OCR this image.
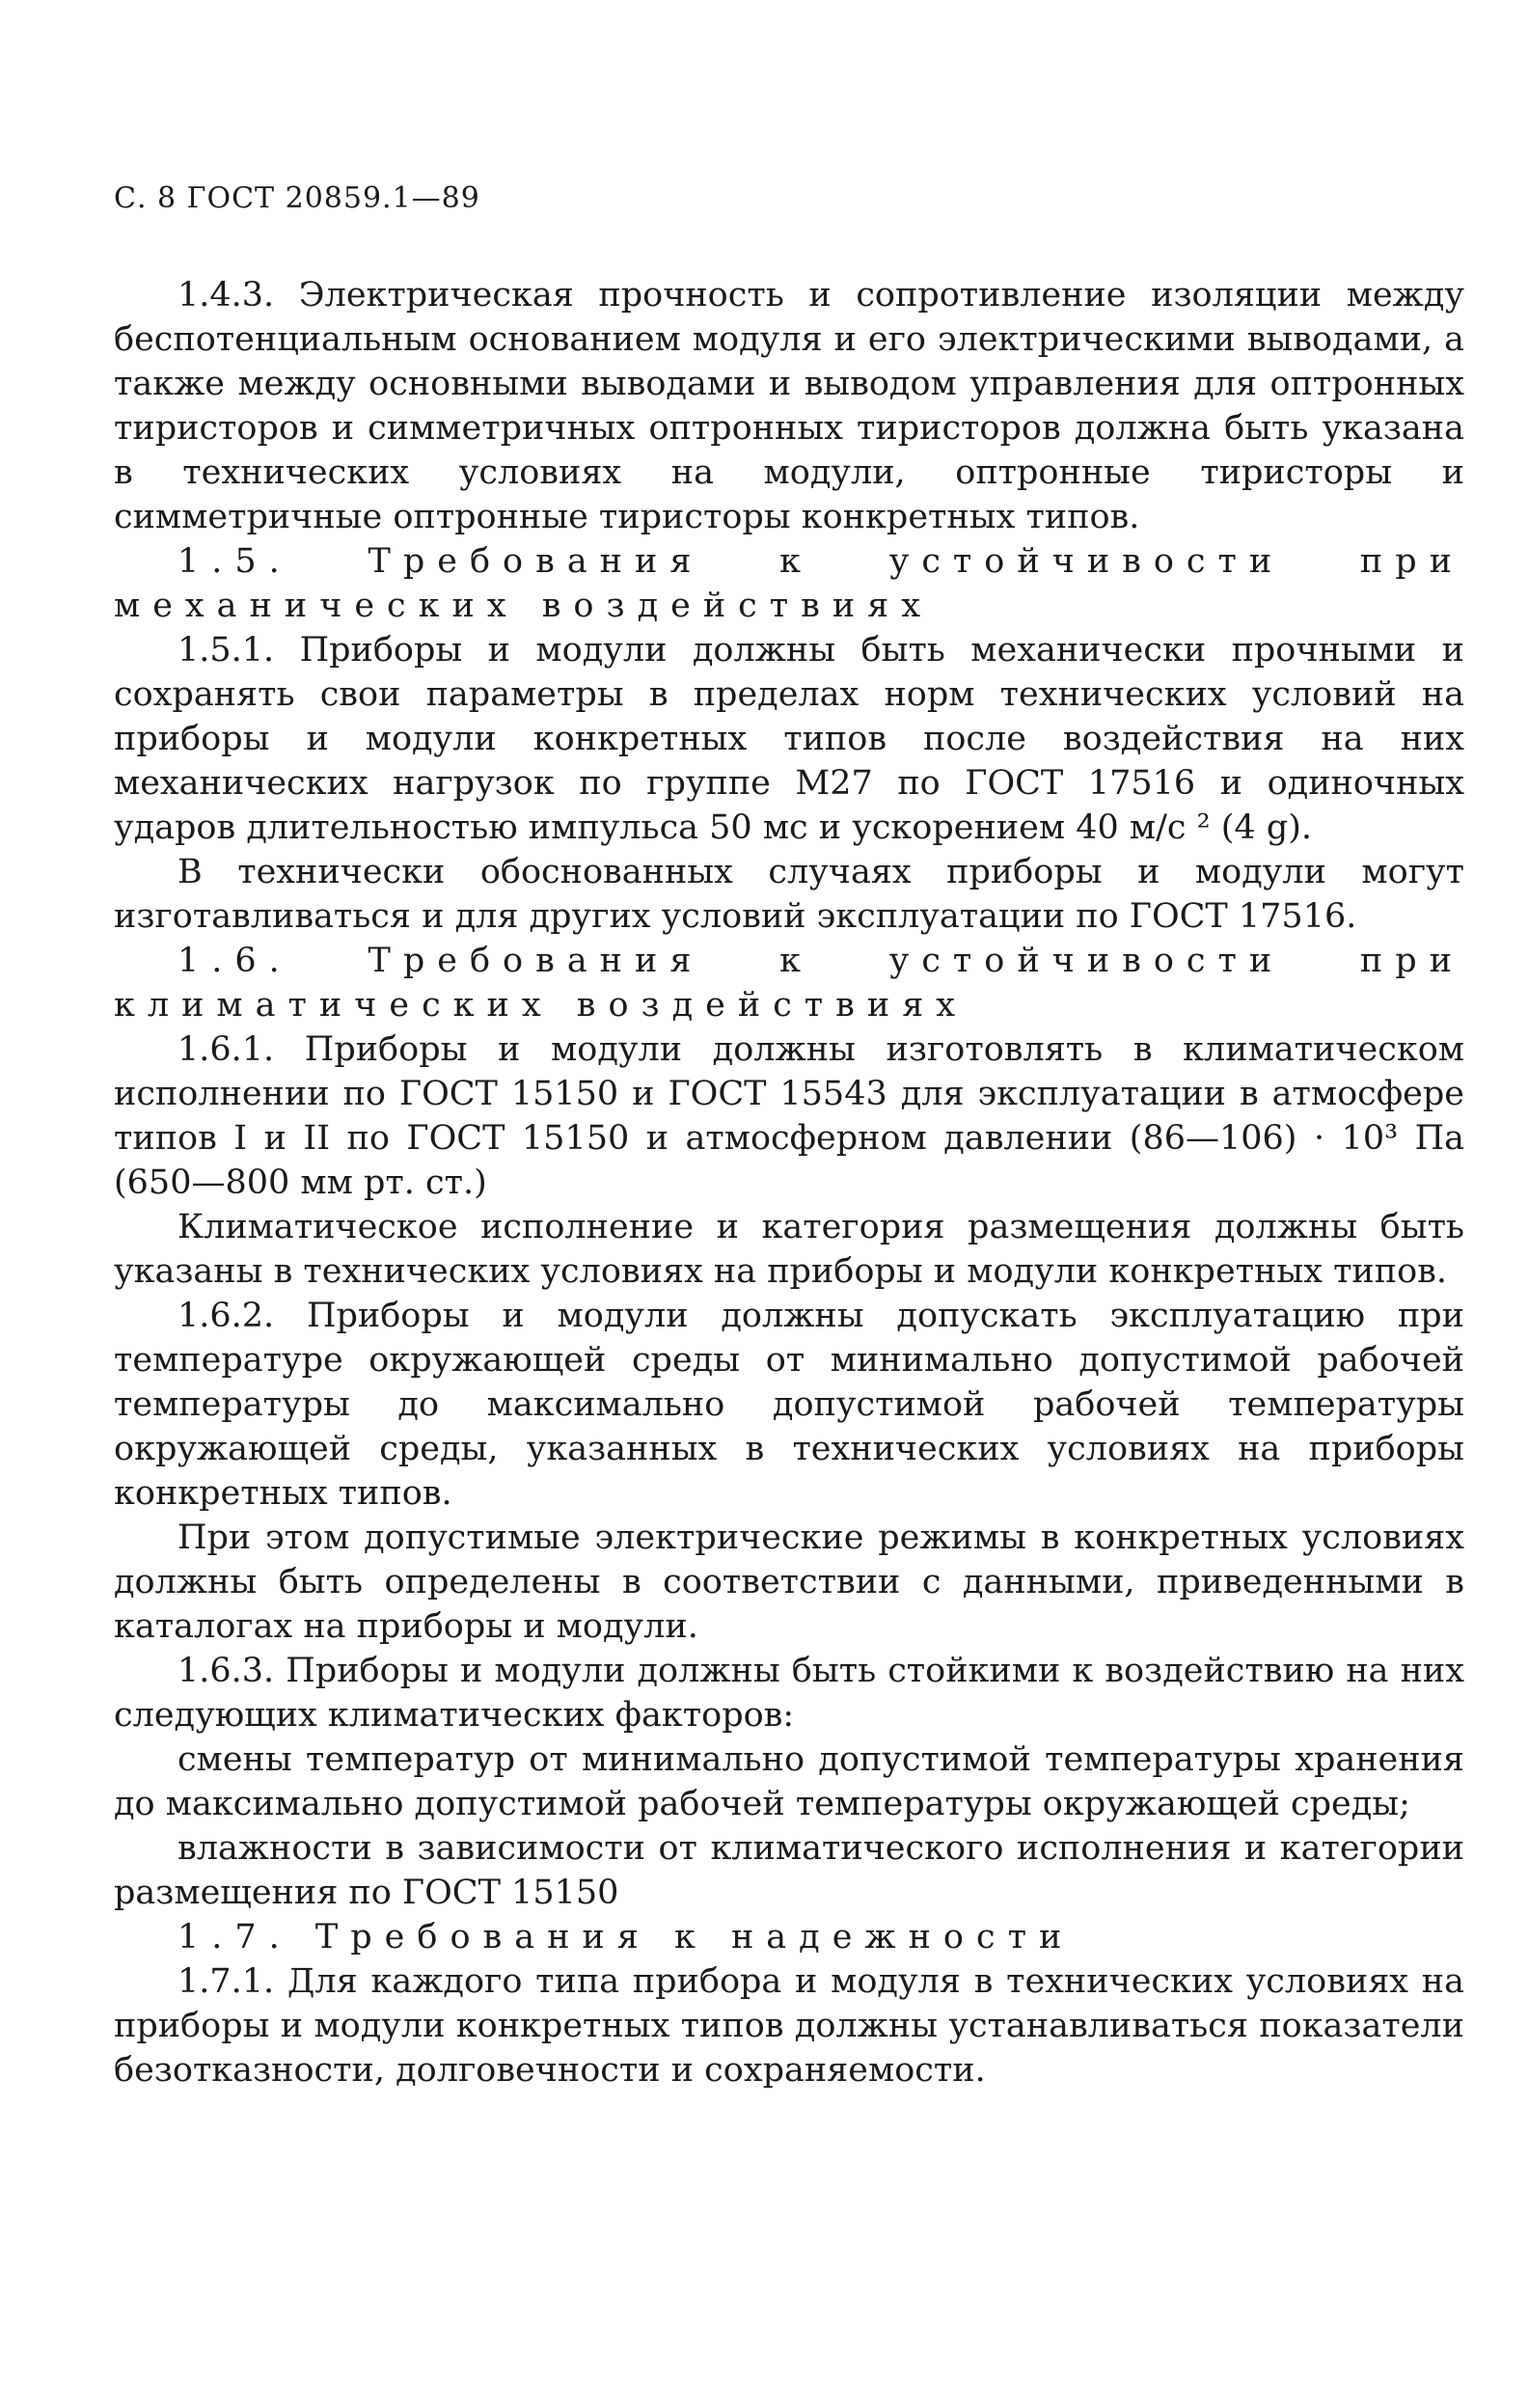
С. 8 ГОСТ 20859.1—89

1.4.3. Электрическая прочность и сопротивление изоляции между беспотенциальным основанием модуля и его электрическими выводами, а также между основными выводами и выводом управления для оптронных тиристоров и симметричных оптронных тиристоров должна быть указана в технических условиях на модули, оптронные тиристоры и симметричные оптронные тиристоры конкретных типов.

1.5. Требования к устойчивости при механических воздействиях

1.5.1. Приборы и модули должны быть механически прочными и сохранять свои параметры в пределах норм технических условий на приборы и модули конкретных типов после воздействия на них механических нагрузок по группе М27 по ГОСТ 17516 и одиночных ударов длительностью импульса 50 мс и ускорением 40 м/с ² (4 g).

В технически обоснованных случаях приборы и модули могут изготавливаться и для других условий эксплуатации по ГОСТ 17516.

1.6. Требования к устойчивости при климатических воздействиях

1.6.1. Приборы и модули должны изготовлять в климатическом исполнении по ГОСТ 15150 и ГОСТ 15543 для эксплуатации в атмосфере типов I и II по ГОСТ 15150 и атмосферном давлении (86—106) · 10³ Па (650—800 мм рт. ст.)

Климатическое исполнение и категория размещения должны быть указаны в технических условиях на приборы и модули конкретных типов.

1.6.2. Приборы и модули должны допускать эксплуатацию при температуре окружающей среды от минимально допустимой рабочей температуры до максимально допустимой рабочей температуры окружающей среды, указанных в технических условиях на приборы конкретных типов.

При этом допустимые электрические режимы в конкретных условиях должны быть определены в соответствии с данными, приведенными в каталогах на приборы и модули.

1.6.3. Приборы и модули должны быть стойкими к воздействию на них следующих климатических факторов:

смены температур от минимально допустимой температуры хранения до максимально допустимой рабочей температуры окружающей среды;

влажности в зависимости от климатического исполнения и категории размещения по ГОСТ 15150

1.7. Требования к надежности

1.7.1. Для каждого типа прибора и модуля в технических условиях на приборы и модули конкретных типов должны устанавливаться показатели безотказности, долговечности и сохраняемости.
